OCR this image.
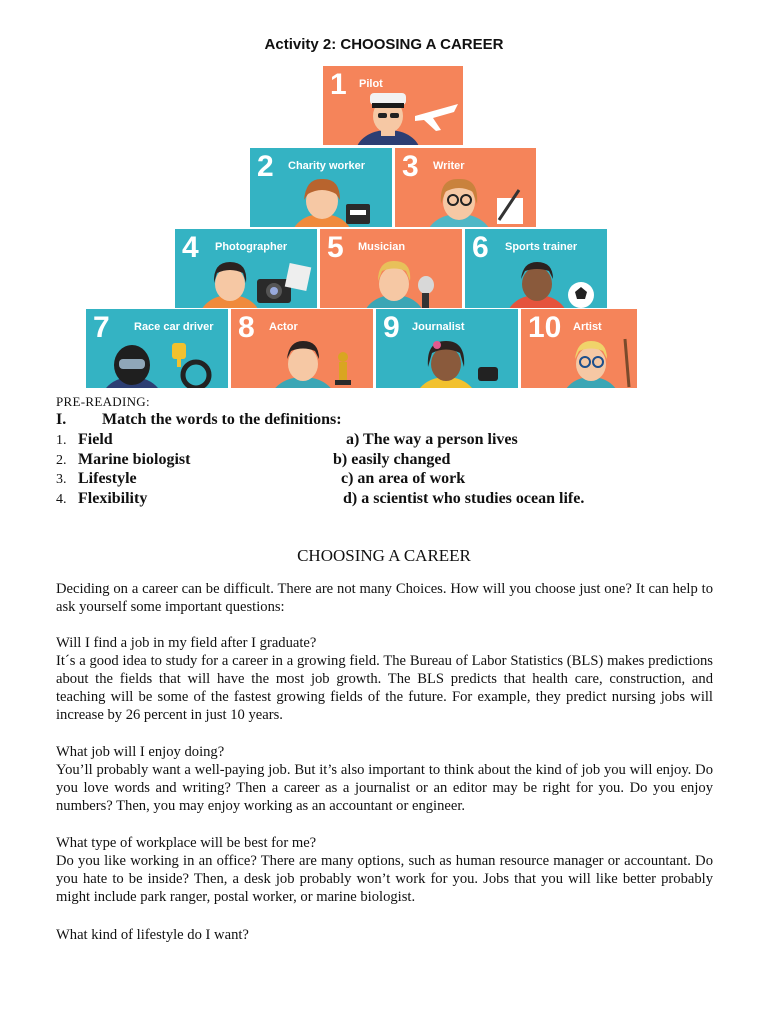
Activity 2: CHOOSING A CAREER
1 Pilot
2 Charity worker 3 Writer
4 Photographer 5 Musician 6 Sports trainer
7 Race car driver 8 Actor	9 Journalist 10 Artist
PRE-READING:
I. Match the words to the definitions:
1. Field
2. Marine biologist
3. Lifestyle
4. Flexibility
a) The way a person lives
b) easily changed
c) an area of work
d) a scientist who studies ocean life.
CHOOSING A CAREER

Deciding on a career can be difficult. There are not many Choices. How will you choose just one? It can help to ask yourself some important questions:

Will I find a job in my field after I graduate?

It´s a good idea to study for a career in a growing field. The Bureau of Labor Statistics (BLS) makes predictions about the fields that will have the most job growth. The BLS predicts that health care, construction, and teaching will be some of the fastest growing fields of the future. For example, they predict nursing jobs will increase by 26 percent in just 10 years.

What job will I enjoy doing?

You’ll probably want a well-paying job. But it’s also important to think about the kind of job you will enjoy. Do you love words and writing? Then a career as a journalist or an editor may be right for you. Do you enjoy numbers? Then, you may enjoy working as an accountant or engineer.

What type of workplace will be best for me?

Do you like working in an office? There are many options, such as human resource manager or accountant. Do you hate to be inside? Then, a desk job probably won’t work for you. Jobs that you will like better probably might include park ranger, postal worker, or marine biologist.

What kind of lifestyle do I want?
